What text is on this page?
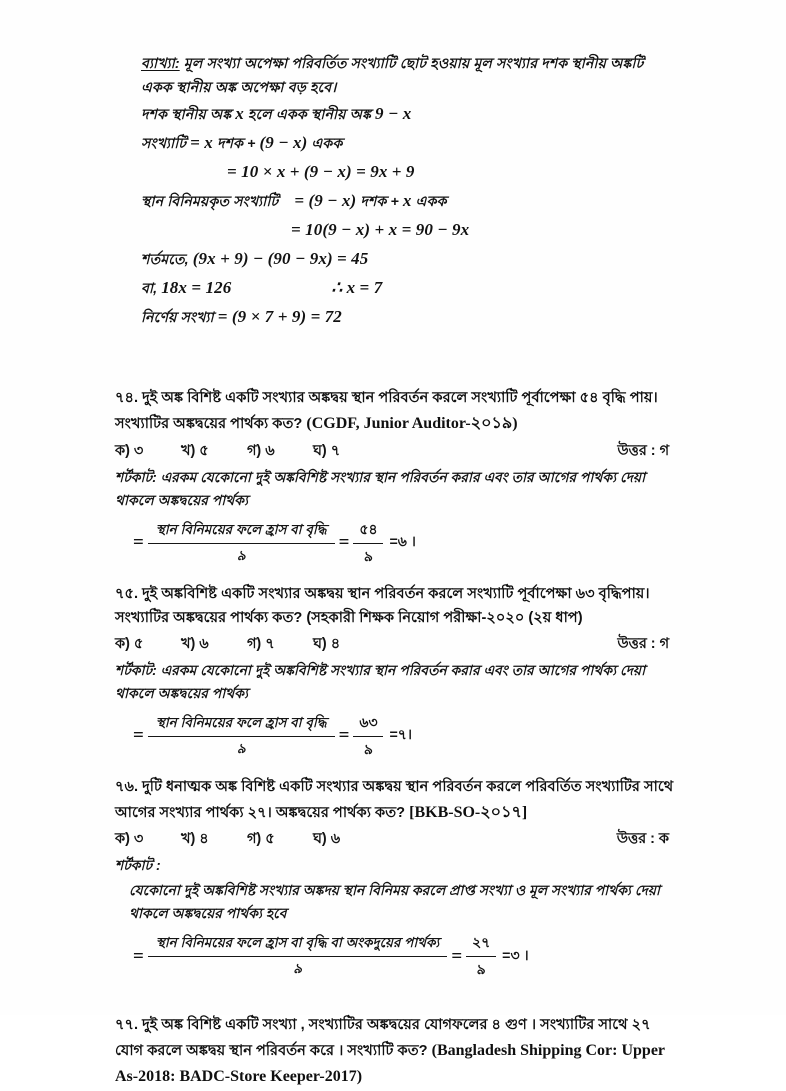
ব্যাখ্যা: মূল সংখ্যা অপেক্ষা পরিবর্তিত সংখ্যাটি ছোট হওয়ায় মূল সংখ্যার দশক স্থানীয় অঙ্কটি
একক স্থানীয় অঙ্ক অপেক্ষা বড় হবে।
দশক স্থানীয় অঙ্ক x হলে একক স্থানীয় অঙ্ক 9 − x
সংখ্যাটি = x দশক + (9 − x) একক
= 10 × x + (9 − x) = 9x + 9
স্থান বিনিময়কৃত সংখ্যাটি = (9 − x) দশক + x একক
= 10(9 − x) + x = 90 − 9x
শর্তমতে, (9x + 9) − (90 − 9x) = 45
বা, 18x = 126	∴ x = 7
নির্ণেয় সংখ্যা = (9 × 7 + 9) = 72
৭৪. দুই অঙ্ক বিশিষ্ট একটি সংখ্যার অঙ্কদ্বয় স্থান পরিবর্তন করলে সংখ্যাটি পূর্বাপেক্ষা ৫৪ বৃদ্ধি পায়। সংখ্যাটির অঙ্কদ্বয়ের পার্থক্য কত? (CGDF, Junior Auditor-২০১৯)
ক) ৩	খ) ৫	গ) ৬	ঘ) ৭	উত্তর : গ
শর্টকাট: এরকম যেকোনো দুই অঙ্কবিশিষ্ট সংখ্যার স্থান পরিবর্তন করার এবং তার আগের পার্থক্য দেয়া থাকলে অঙ্কদ্বয়ের পার্থক্য
= $\frac{\text{স্থান বিনিময়ের ফলে হ্রাস বা বৃদ্ধি}}{৯} = \frac{৫৪}{৯}$ =৬ ।
৭৫. দুই অঙ্কবিশিষ্ট একটি সংখ্যার অঙ্কদ্বয় স্থান পরিবর্তন করলে সংখ্যাটি পূর্বাপেক্ষা ৬৩ বৃদ্ধিপায়। সংখ্যাটির অঙ্কদ্বয়ের পার্থক্য কত? (সহকারী শিক্ষক নিয়োগ পরীক্ষা-২০২০ (২য় ধাপ)
ক) ৫	খ) ৬	গ) ৭	ঘ) ৪	উত্তর : গ
শর্টকাট: এরকম যেকোনো দুই অঙ্কবিশিষ্ট সংখ্যার স্থান পরিবর্তন করার এবং তার আগের পার্থক্য দেয়া থাকলে অঙ্কদ্বয়ের পার্থক্য
= $\frac{\text{স্থান বিনিময়ের ফলে হ্রাস বা বৃদ্ধি}}{৯} = \frac{৬৩}{৯}$ =৭।
৭৬. দুটি ধনাত্মক অঙ্ক বিশিষ্ট একটি সংখ্যার অঙ্কদ্বয় স্থান পরিবর্তন করলে পরিবর্তিত সংখ্যাটির সাথে আগের সংখ্যার পার্থক্য ২৭। অঙ্কদ্বয়ের পার্থক্য কত? [BKB-SO-২০১৭]
ক) ৩	খ) ৪	গ) ৫	ঘ) ৬	উত্তর : ক
শর্টকাট :
যেকোনো দুই অঙ্কবিশিষ্ট সংখ্যার অঙ্কদয় স্থান বিনিময় করলে প্রাপ্ত সংখ্যা ও মূল সংখ্যার পার্থক্য দেয়া থাকলে অঙ্কদ্বয়ের পার্থক্য হবে
= $\frac{\text{স্থান বিনিময়ের ফলে হ্রাস বা বৃদ্ধি বা অংকদুয়ের পার্থক্য}}{৯} = \frac{২৭}{৯}$ =৩ ।
৭৭. দুই অঙ্ক বিশিষ্ট একটি সংখ্যা , সংখ্যাটির অঙ্কদ্বয়ের যোগফলের ৪ গুণ । সংখ্যাটির সাথে ২৭ যোগ করলে অঙ্কদ্বয় স্থান পরিবর্তন করে । সংখ্যাটি কত? (Bangladesh Shipping Cor: Upper As-2018: BADC-Store Keeper-2017)
